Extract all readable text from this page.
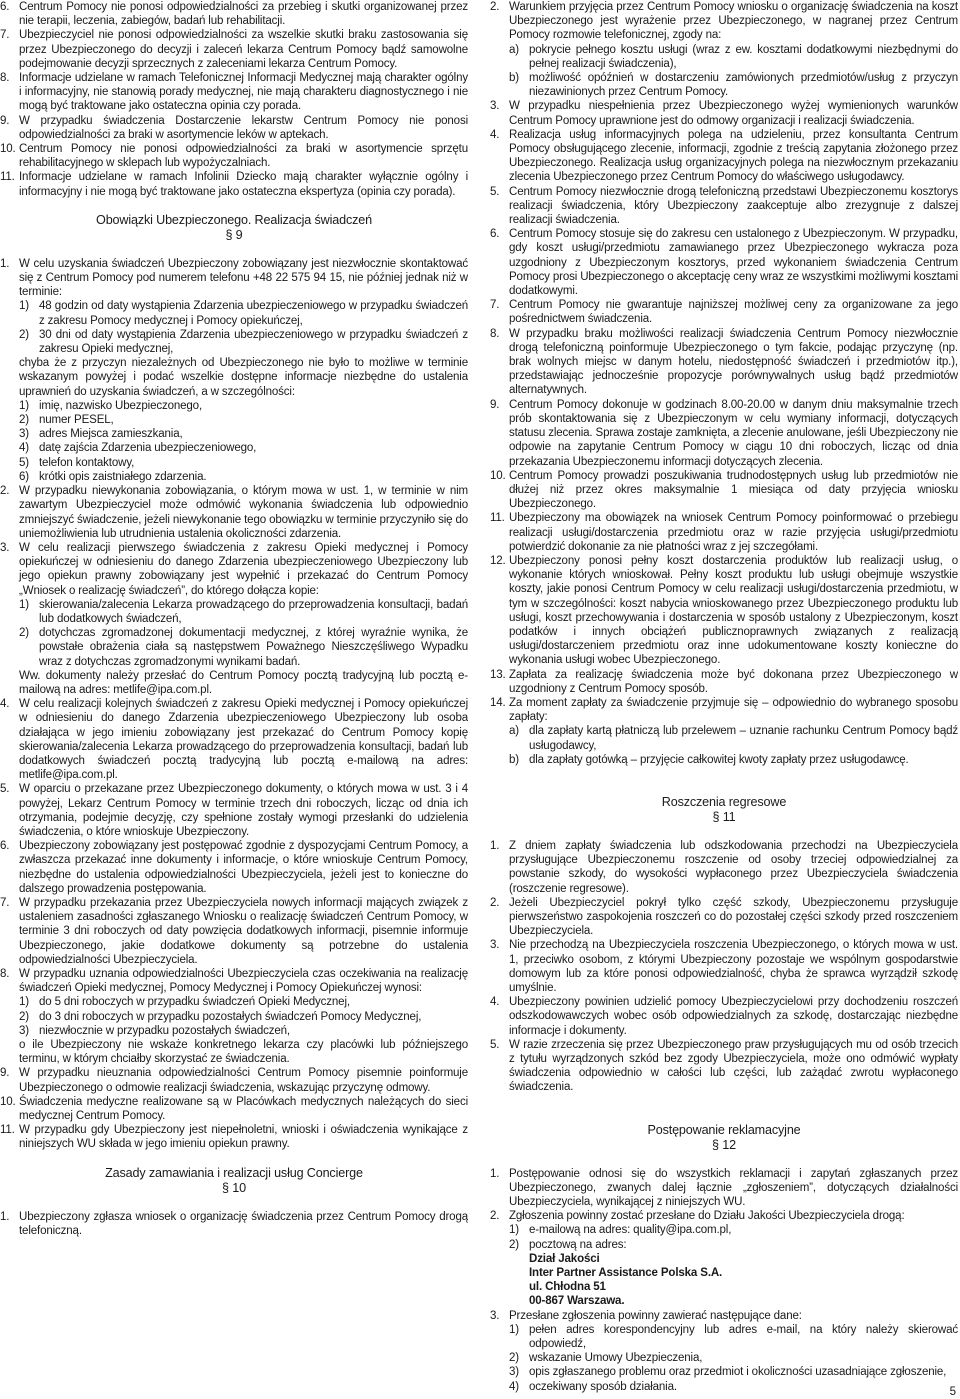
6. Centrum Pomocy nie ponosi odpowiedzialności za przebieg i skutki organizowanej przez nie terapii, leczenia, zabiegów, badań lub rehabilitacji.
7. Ubezpieczyciel nie ponosi odpowiedzialności za wszelkie skutki braku zastosowania się przez Ubezpieczonego do decyzji i zaleceń lekarza Centrum Pomocy bądź samowolne podejmowanie decyzji sprzecznych z zaleceniami lekarza Centrum Pomocy.
8. Informacje udzielane w ramach Telefonicznej Informacji Medycznej mają charakter ogólny i informacyjny, nie stanowią porady medycznej, nie mają charakteru diagnostycznego i nie mogą być traktowane jako ostateczna opinia czy porada.
9. W przypadku świadczenia Dostarczenie lekarstw Centrum Pomocy nie ponosi odpowiedzialności za braki w asortymencie leków w aptekach.
10. Centrum Pomocy nie ponosi odpowiedzialności za braki w asortymencie sprzętu rehabilitacyjnego w sklepach lub wypożyczalniach.
11. Informacje udzielane w ramach Infolinii Dziecko mają charakter wyłącznie ogólny i informacyjny i nie mogą być traktowane jako ostateczna ekspertyza (opinia czy porada).
Obowiązki Ubezpieczonego. Realizacja świadczeń
§ 9
1. W celu uzyskania świadczeń Ubezpieczony zobowiązany jest niezwłocznie skontaktować się z Centrum Pomocy pod numerem telefonu +48 22 575 94 15, nie później jednak niż w terminie:
1) 48 godzin od daty wystąpienia Zdarzenia ubezpieczeniowego w przypadku świadczeń z zakresu Pomocy medycznej i Pomocy opiekuńczej,
2) 30 dni od daty wystąpienia Zdarzenia ubezpieczeniowego w przypadku świadczeń z zakresu Opieki medycznej,
chyba że z przyczyn niezależnych od Ubezpieczonego nie było to możliwe w terminie wskazanym powyżej i podać wszelkie dostępne informacje niezbędne do ustalenia uprawnień do uzyskania świadczeń, a w szczególności:
1) imię, nazwisko Ubezpieczonego,
2) numer PESEL,
3) adres Miejsca zamieszkania,
4) datę zajścia Zdarzenia ubezpieczeniowego,
5) telefon kontaktowy,
6) krótki opis zaistniałego zdarzenia.
2. W przypadku niewykonania zobowiązania, o którym mowa w ust. 1, w terminie w nim zawartym Ubezpieczyciel może odmówić wykonania świadczenia lub odpowiednio zmniejszyć świadczenie, jeżeli niewykonanie tego obowiązku w terminie przyczyniło się do uniemożliwienia lub utrudnienia ustalenia okoliczności zdarzenia.
3. W celu realizacji pierwszego świadczenia z zakresu Opieki medycznej i Pomocy opiekuńczej w odniesieniu do danego Zdarzenia ubezpieczeniowego Ubezpieczony lub jego opiekun prawny zobowiązany jest wypełnić i przekazać do Centrum Pomocy „Wniosek o realizację świadczeń”, do którego dołącza kopie:
1) skierowania/zalecenia Lekarza prowadzącego do przeprowadzenia konsultacji, badań lub dodatkowych świadczeń,
2) dotychczas zgromadzonej dokumentacji medycznej, z której wyraźnie wynika, że powstałe obrażenia ciała są następstwem Poważnego Nieszczęśliwego Wypadku wraz z dotychczas zgromadzonymi wynikami badań.
Ww. dokumenty należy przesłać do Centrum Pomocy pocztą tradycyjną lub pocztą e-mailową na adres: metlife@ipa.com.pl.
4. W celu realizacji kolejnych świadczeń z zakresu Opieki medycznej i Pomocy opiekuńczej w odniesieniu do danego Zdarzenia ubezpieczeniowego Ubezpieczony lub osoba działająca w jego imieniu zobowiązany jest przekazać do Centrum Pomocy kopię skierowania/zalecenia Lekarza prowadzącego do przeprowadzenia konsultacji, badań lub dodatkowych świadczeń pocztą tradycyjną lub pocztą e-mailową na adres: metlife@ipa.com.pl.
5. W oparciu o przekazane przez Ubezpieczonego dokumenty, o których mowa w ust. 3 i 4 powyżej, Lekarz Centrum Pomocy w terminie trzech dni roboczych, licząc od dnia ich otrzymania, podejmie decyzję, czy spełnione zostały wymogi przesłanki do udzielenia świadczenia, o które wnioskuje Ubezpieczony.
6. Ubezpieczony zobowiązany jest postępować zgodnie z dyspozycjami Centrum Pomocy, a zwłaszcza przekazać inne dokumenty i informacje, o które wnioskuje Centrum Pomocy, niezbędne do ustalenia odpowiedzialności Ubezpieczyciela, jeżeli jest to konieczne do dalszego prowadzenia postępowania.
7. W przypadku przekazania przez Ubezpieczyciela nowych informacji mających związek z ustaleniem zasadności zgłaszanego Wniosku o realizację świadczeń Centrum Pomocy, w terminie 3 dni roboczych od daty powzięcia dodatkowych informacji, pisemnie informuje Ubezpieczonego, jakie dodatkowe dokumenty są potrzebne do ustalenia odpowiedzialności Ubezpieczyciela.
8. W przypadku uznania odpowiedzialności Ubezpieczyciela czas oczekiwania na realizację świadczeń Opieki medycznej, Pomocy Medycznej i Pomocy Opiekuńczej wynosi:
1) do 5 dni roboczych w przypadku świadczeń Opieki Medycznej,
2) do 3 dni roboczych w przypadku pozostałych świadczeń Pomocy Medycznej,
3) niezwłocznie w przypadku pozostałych świadczeń,
o ile Ubezpieczony nie wskaże konkretnego lekarza czy placówki lub późniejszego terminu, w którym chciałby skorzystać ze świadczenia.
9. W przypadku nieuznania odpowiedzialności Centrum Pomocy pisemnie poinformuje Ubezpieczonego o odmowie realizacji świadczenia, wskazując przyczynę odmowy.
10. Świadczenia medyczne realizowane są w Placówkach medycznych należących do sieci medycznej Centrum Pomocy.
11. W przypadku gdy Ubezpieczony jest niepełnoletni, wnioski i oświadczenia wynikające z niniejszych WU składa w jego imieniu opiekun prawny.
Zasady zamawiania i realizacji usług Concierge
§ 10
1. Ubezpieczony zgłasza wniosek o organizację świadczenia przez Centrum Pomocy drogą telefoniczną.
2. Warunkiem przyjęcia przez Centrum Pomocy wniosku o organizację świadczenia na koszt Ubezpieczonego jest wyrażenie przez Ubezpieczonego, w nagranej przez Centrum Pomocy rozmowie telefonicznej, zgody na:
a) pokrycie pełnego kosztu usługi (wraz z ew. kosztami dodatkowymi niezbędnymi do pełnej realizacji świadczenia),
b) możliwość opóźnień w dostarczeniu zamówionych przedmiotów/usług z przyczyn niezawinionych przez Centrum Pomocy.
3. W przypadku niespełnienia przez Ubezpieczonego wyżej wymienionych warunków Centrum Pomocy uprawnione jest do odmowy organizacji i realizacji świadczenia.
4. Realizacja usług informacyjnych polega na udzieleniu, przez konsultanta Centrum Pomocy obsługującego zlecenie, informacji, zgodnie z treścią zapytania złożonego przez Ubezpieczonego. Realizacja usług organizacyjnych polega na niezwłocznym przekazaniu zlecenia Ubezpieczonego przez Centrum Pomocy do właściwego usługodawcy.
5. Centrum Pomocy niezwłocznie drogą telefoniczną przedstawi Ubezpieczonemu kosztorys realizacji świadczenia, który Ubezpieczony zaakceptuje albo zrezygnuje z dalszej realizacji świadczenia.
6. Centrum Pomocy stosuje się do zakresu cen ustalonego z Ubezpieczonym. W przypadku, gdy koszt usługi/przedmiotu zamawianego przez Ubezpieczonego wykracza poza uzgodniony z Ubezpieczonym kosztorys, przed wykonaniem świadczenia Centrum Pomocy prosi Ubezpieczonego o akceptację ceny wraz ze wszystkimi możliwymi kosztami dodatkowymi.
7. Centrum Pomocy nie gwarantuje najniższej możliwej ceny za organizowane za jego pośrednictwem świadczenia.
8. W przypadku braku możliwości realizacji świadczenia Centrum Pomocy niezwłocznie drogą telefoniczną poinformuje Ubezpieczonego o tym fakcie, podając przyczynę (np. brak wolnych miejsc w danym hotelu, niedostępność świadczeń i przedmiotów itp.), przedstawiając jednocześnie propozycje porównywalnych usług bądź przedmiotów alternatywnych.
9. Centrum Pomocy dokonuje w godzinach 8.00-20.00 w danym dniu maksymalnie trzech prób skontaktowania się z Ubezpieczonym w celu wymiany informacji, dotyczących statusu zlecenia. Sprawa zostaje zamknięta, a zlecenie anulowane, jeśli Ubezpieczony nie odpowie na zapytanie Centrum Pomocy w ciągu 10 dni roboczych, licząc od dnia przekazania Ubezpieczonemu informacji dotyczących zlecenia.
10. Centrum Pomocy prowadzi poszukiwania trudnodostępnych usług lub przedmiotów nie dłużej niż przez okres maksymalnie 1 miesiąca od daty przyjęcia wniosku Ubezpieczonego.
11. Ubezpieczony ma obowiązek na wniosek Centrum Pomocy poinformować o przebiegu realizacji usługi/dostarczenia przedmiotu oraz w razie przyjęcia usługi/przedmiotu potwierdzić dokonanie za nie płatności wraz z jej szczegółami.
12. Ubezpieczony ponosi pełny koszt dostarczenia produktów lub realizacji usług, o wykonanie których wnioskował. Pełny koszt produktu lub usługi obejmuje wszystkie koszty, jakie ponosi Centrum Pomocy w celu realizacji usługi/dostarczenia przedmiotu, w tym w szczególności: koszt nabycia wnioskowanego przez Ubezpieczonego produktu lub usługi, koszt przechowywania i dostarczenia w sposób ustalony z Ubezpieczonym, koszt podatków i innych obciążeń publicznoprawnych związanych z realizacją usługi/dostarczeniem przedmiotu oraz inne udokumentowane koszty konieczne do wykonania usługi wobec Ubezpieczonego.
13. Zapłata za realizację świadczenia może być dokonana przez Ubezpieczonego w uzgodniony z Centrum Pomocy sposób.
14. Za moment zapłaty za świadczenie przyjmuje się – odpowiednio do wybranego sposobu zapłaty:
a) dla zapłaty kartą płatniczą lub przelewem – uznanie rachunku Centrum Pomocy bądź usługodawcy,
b) dla zapłaty gotówką – przyjęcie całkowitej kwoty zapłaty przez usługodawcę.
Roszczenia regresowe
§ 11
1. Z dniem zapłaty świadczenia lub odszkodowania przechodzi na Ubezpieczyciela przysługujące Ubezpieczonemu roszczenie od osoby trzeciej odpowiedzialnej za powstanie szkody, do wysokości wypłaconego przez Ubezpieczyciela świadczenia (roszczenie regresowe).
2. Jeżeli Ubezpieczyciel pokrył tylko część szkody, Ubezpieczonemu przysługuje pierwszeństwo zaspokojenia roszczeń co do pozostałej części szkody przed roszczeniem Ubezpieczyciela.
3. Nie przechodzą na Ubezpieczyciela roszczenia Ubezpieczonego, o których mowa w ust. 1, przeciwko osobom, z którymi Ubezpieczony pozostaje we wspólnym gospodarstwie domowym lub za które ponosi odpowiedzialność, chyba że sprawca wyrządził szkodę umyślnie.
4. Ubezpieczony powinien udzielić pomocy Ubezpieczycielowi przy dochodzeniu roszczeń odszkodowawczych wobec osób odpowiedzialnych za szkodę, dostarczając niezbędne informacje i dokumenty.
5. W razie zrzeczenia się przez Ubezpieczonego praw przysługujących mu od osób trzecich z tytułu wyrządzonych szkód bez zgody Ubezpieczyciela, może ono odmówić wypłaty świadczenia odpowiednio w całości lub części, lub zażądać zwrotu wypłaconego świadczenia.
Postępowanie reklamacyjne
§ 12
1. Postępowanie odnosi się do wszystkich reklamacji i zapytań zgłaszanych przez Ubezpieczonego, zwanych dalej łącznie „zgłoszeniem”, dotyczących działalności Ubezpieczyciela, wynikającej z niniejszych WU.
2. Zgłoszenia powinny zostać przesłane do Działu Jakości Ubezpieczyciela drogą:
1) e-mailową na adres: quality@ipa.com.pl,
2) pocztową na adres:
Dział Jakości
Inter Partner Assistance Polska S.A.
ul. Chłodna 51
00-867 Warszawa.
3. Przesłane zgłoszenia powinny zawierać następujące dane:
1) pełen adres korespondencyjny lub adres e-mail, na który należy skierować odpowiedź,
2) wskazanie Umowy Ubezpieczenia,
3) opis zgłaszanego problemu oraz przedmiot i okoliczności uzasadniające zgłoszenie,
4) oczekiwany sposób działania.	5
